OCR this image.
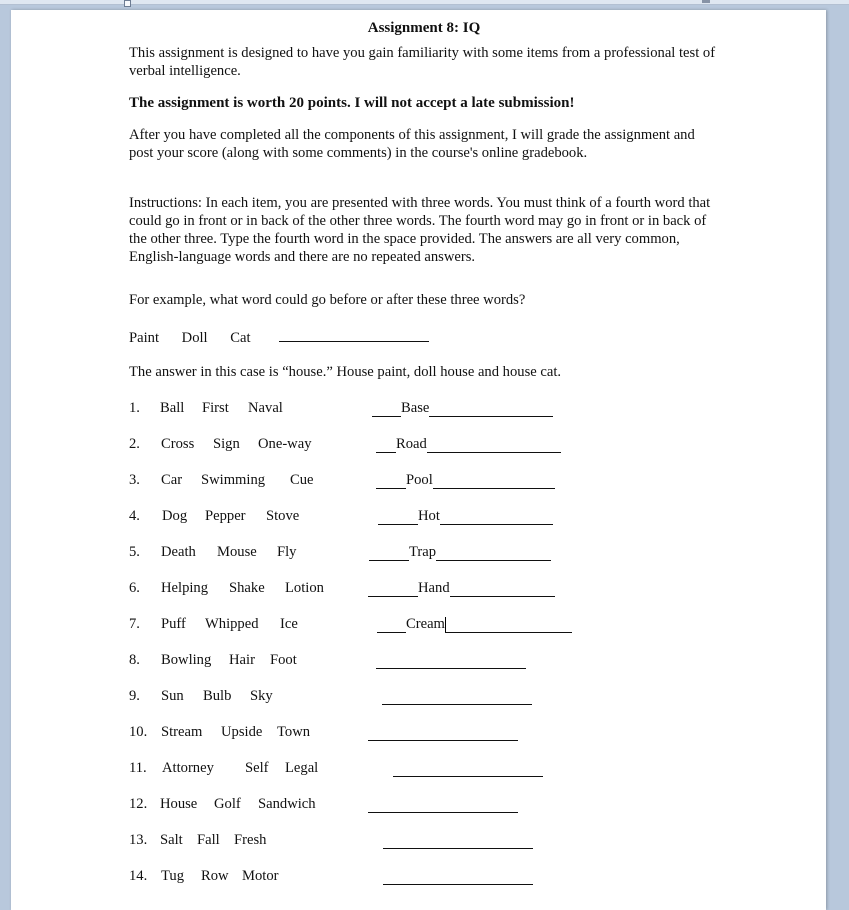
Assignment 8: IQ

This assignment is designed to have you gain familiarity with some items from a professional test of verbal intelligence.

The assignment is worth 20 points. I will not accept a late submission!

After you have completed all the components of this assignment, I will grade the assignment and post your score (along with some comments) in the course's online gradebook.

Instructions: In each item, you are presented with three words. You must think of a fourth word that could go in front or in back of the other three words. The fourth word may go in front or in back of the other three. Type the fourth word in the space provided. The answers are all very common, English-language words and there are no repeated answers.

For example, what word could go before or after these three words?

Paint Doll Cat

The answer in this case is “house.” House paint, doll house and house cat.

1. Ball First Naval	Base
2. Cross Sign One-way	Road
3. Car Swimming Cue	Pool
4. Dog Pepper Stove	Hot
5. Death Mouse Fly	Trap
6. Helping Shake Lotion	Hand
7. Puff Whipped Ice	Cream
8. Bowling Hair Foot
9. Sun Bulb Sky
10. Stream Upside Town
11. Attorney Self Legal
12. House Golf Sandwich
13. Salt Fall Fresh
14. Tug Row Motor
